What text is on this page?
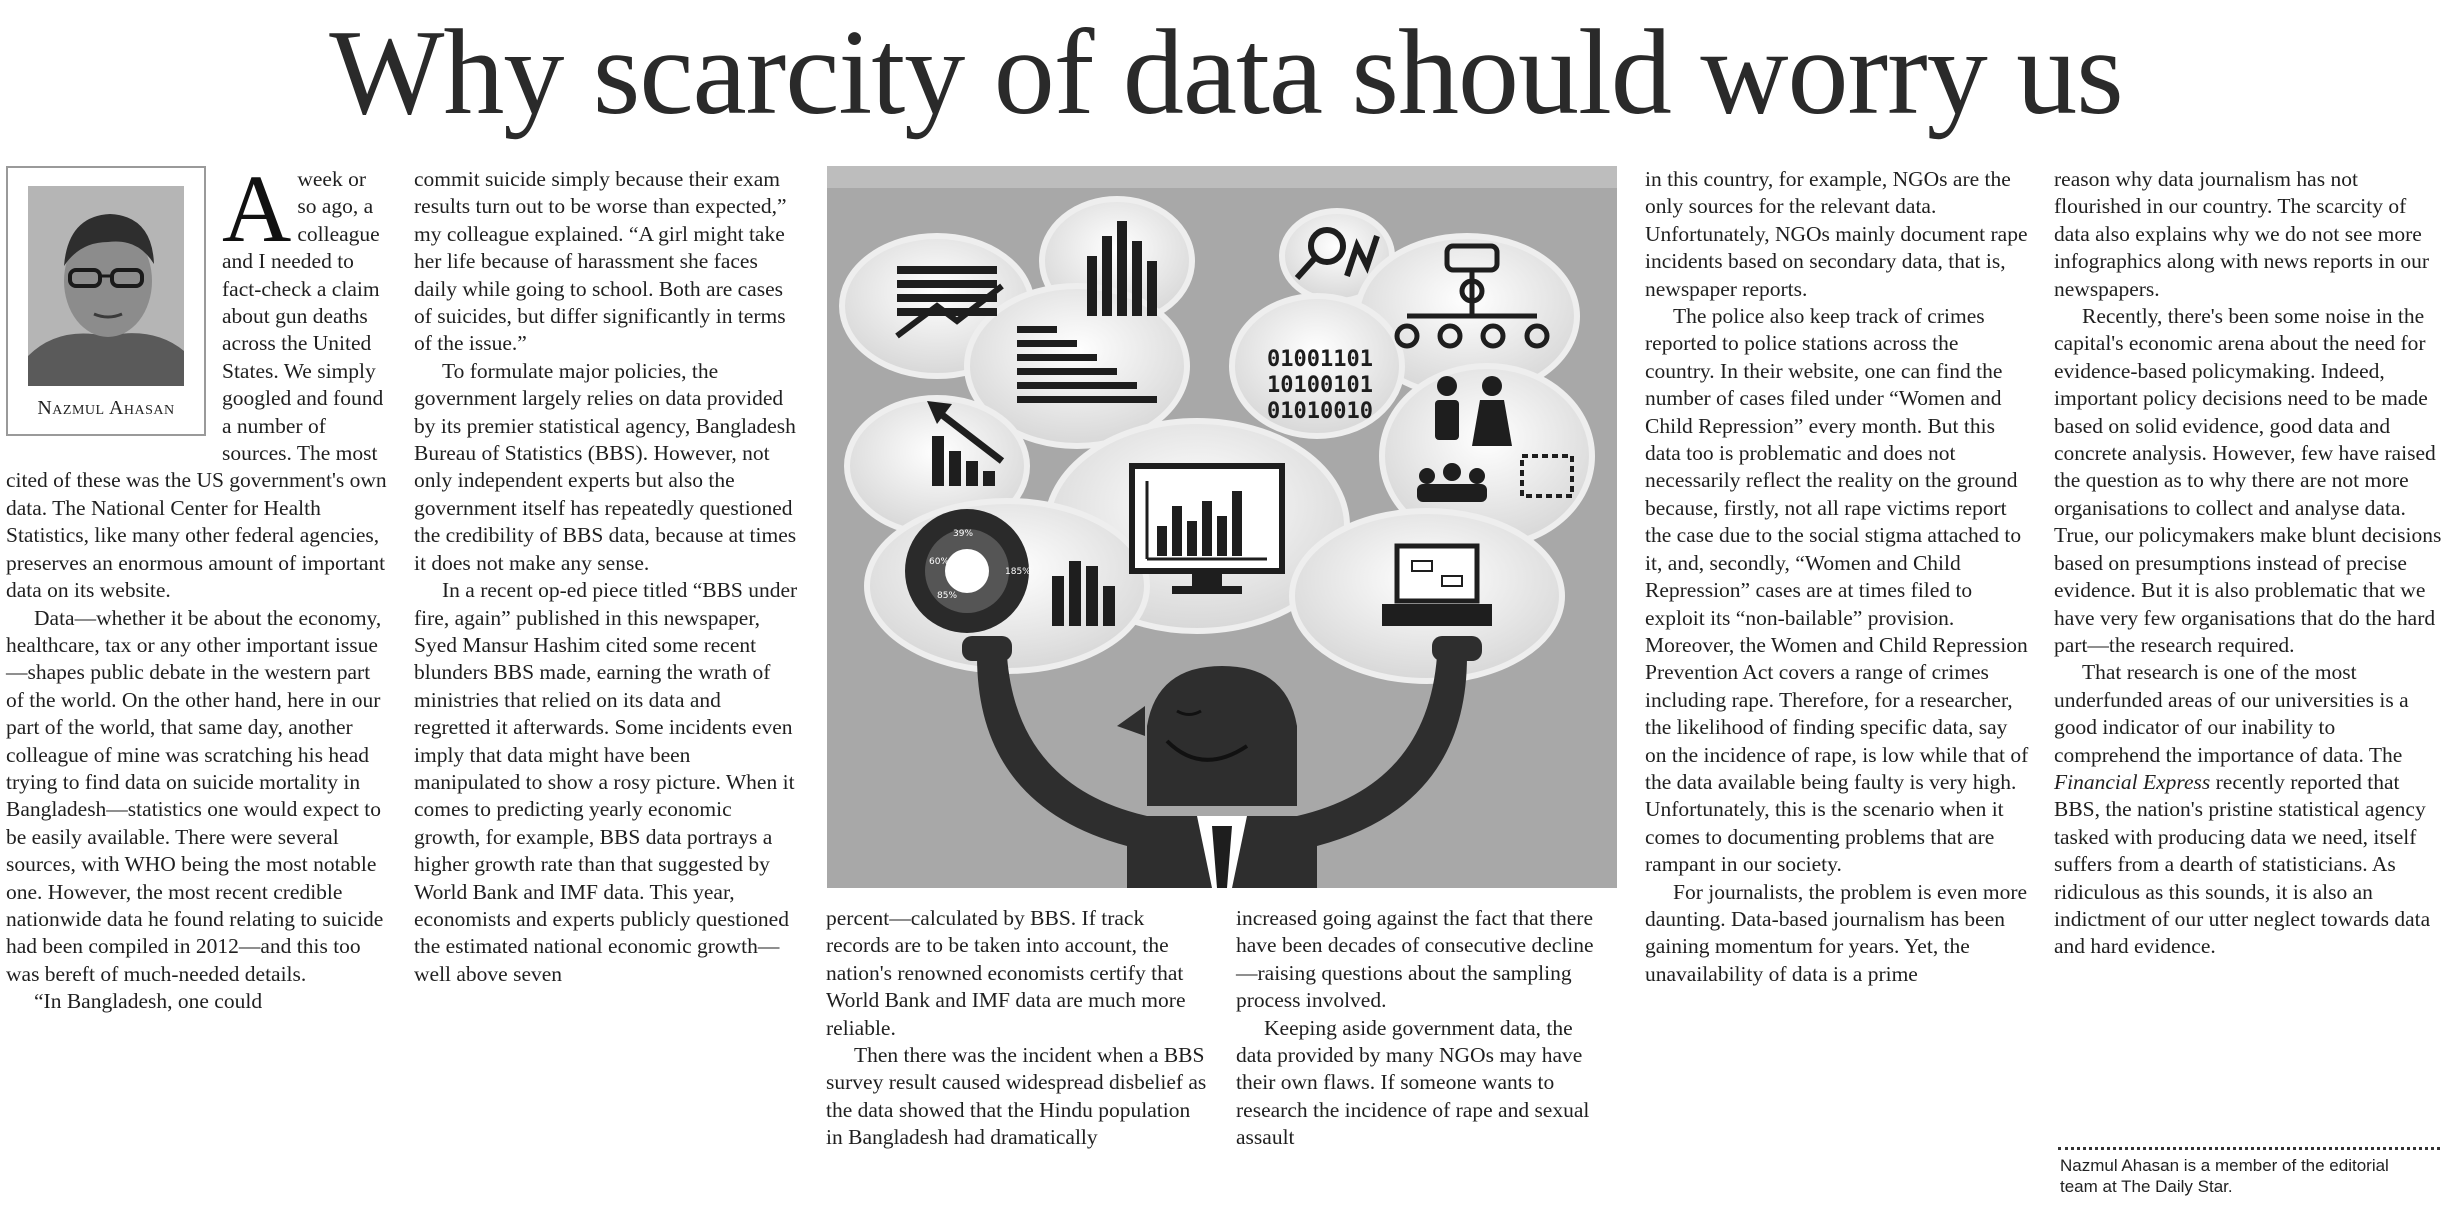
Why scarcity of data should worry us
Nazmul Ahasan
A week or so ago, a colleague and I needed to fact-check a claim about gun deaths across the United States. We simply googled and found a number of sources. The most cited of these was the US government's own data. The National Center for Health Statistics, like many other federal agencies, preserves an enormous amount of important data on its website.

Data—whether it be about the economy, healthcare, tax or any other important issue—shapes public debate in the western part of the world. On the other hand, here in our part of the world, that same day, another colleague of mine was scratching his head trying to find data on suicide mortality in Bangladesh—statistics one would expect to be easily available. There were several sources, with WHO being the most notable one. However, the most recent credible nationwide data he found relating to suicide had been compiled in 2012—and this too was bereft of much-needed details.

“In Bangladesh, one could

commit suicide simply because their exam results turn out to be worse than expected,” my colleague explained. “A girl might take her life because of harassment she faces daily while going to school. Both are cases of suicides, but differ significantly in terms of the issue.”

To formulate major policies, the government largely relies on data provided by its premier statistical agency, Bangladesh Bureau of Statistics (BBS). However, not only independent experts but also the government itself has repeatedly questioned the credibility of BBS data, because at times it does not make any sense.

In a recent op-ed piece titled “BBS under fire, again” published in this newspaper, Syed Mansur Hashim cited some recent blunders BBS made, earning the wrath of ministries that relied on its data and regretted it afterwards. Some incidents even imply that data might have been manipulated to show a rosy picture. When it comes to predicting yearly economic growth, for example, BBS data portrays a higher growth rate than that suggested by World Bank and IMF data. This year, economists and experts publicly questioned the estimated national economic growth—well above seven

01001101
10100101
01010010
39%
60%
85%
185%

percent—calculated by BBS. If track records are to be taken into account, the nation's renowned economists certify that World Bank and IMF data are much more reliable.

Then there was the incident when a BBS survey result caused widespread disbelief as the data showed that the Hindu population in Bangladesh had dramatically

increased going against the fact that there have been decades of consecutive decline—raising questions about the sampling process involved.

Keeping aside government data, the data provided by many NGOs may have their own flaws. If someone wants to research the incidence of rape and sexual assault

in this country, for example, NGOs are the only sources for the relevant data. Unfortunately, NGOs mainly document rape incidents based on secondary data, that is, newspaper reports.

The police also keep track of crimes reported to police stations across the country. In their website, one can find the number of cases filed under “Women and Child Repression” every month. But this data too is problematic and does not necessarily reflect the reality on the ground because, firstly, not all rape victims report the case due to the social stigma attached to it, and, secondly, “Women and Child Repression” cases are at times filed to exploit its “non-bailable” provision. Moreover, the Women and Child Repression Prevention Act covers a range of crimes including rape. Therefore, for a researcher, the likelihood of finding specific data, say on the incidence of rape, is low while that of the data available being faulty is very high. Unfortunately, this is the scenario when it comes to documenting problems that are rampant in our society.

For journalists, the problem is even more daunting. Data-based journalism has been gaining momentum for years. Yet, the unavailability of data is a prime

reason why data journalism has not flourished in our country. The scarcity of data also explains why we do not see more infographics along with news reports in our newspapers.

Recently, there's been some noise in the capital's economic arena about the need for evidence-based policymaking. Indeed, important policy decisions need to be made based on solid evidence, good data and concrete analysis. However, few have raised the question as to why there are not more organisations to collect and analyse data. True, our policymakers make blunt decisions based on presumptions instead of precise evidence. But it is also problematic that we have very few organisations that do the hard part—the research required.

That research is one of the most underfunded areas of our universities is a good indicator of our inability to comprehend the importance of data. The Financial Express recently reported that BBS, the nation's pristine statistical agency tasked with producing data we need, itself suffers from a dearth of statisticians. As ridiculous as this sounds, it is also an indictment of our utter neglect towards data and hard evidence.

Nazmul Ahasan is a member of the editorial
team at The Daily Star.
